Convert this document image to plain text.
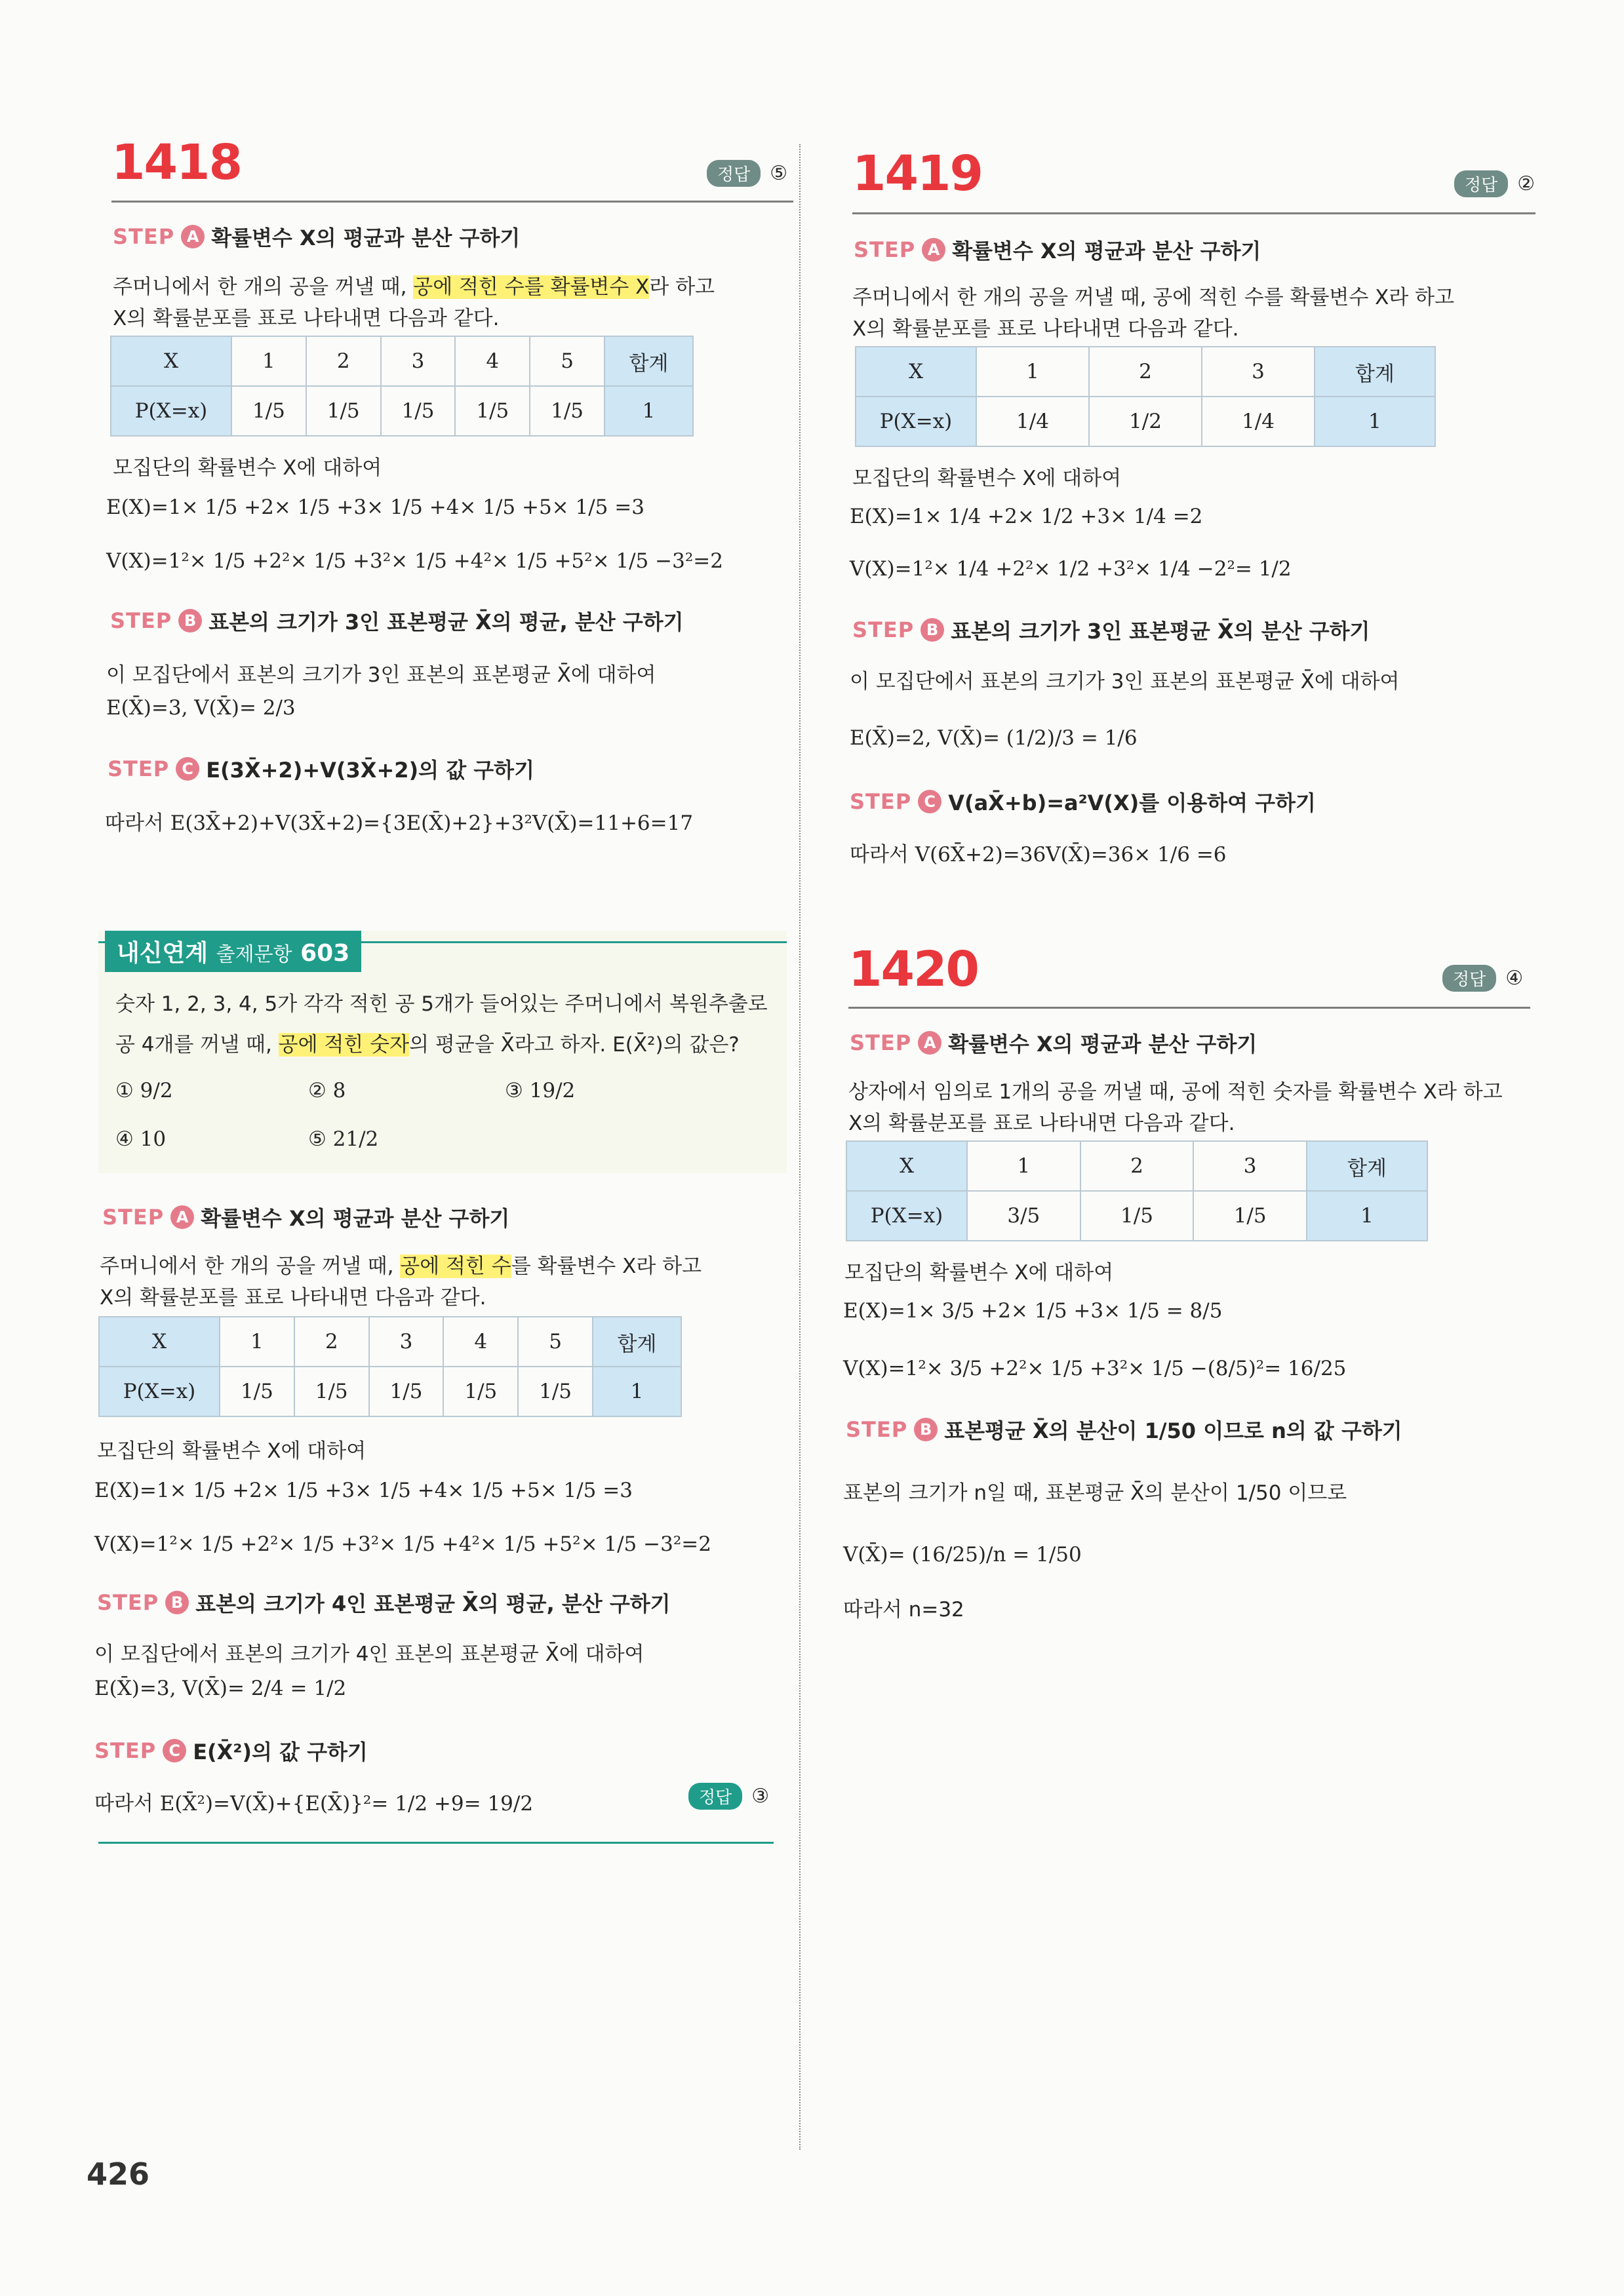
1418	정답	⑤
STEP A 확률변수 X의 평균과 분산 구하기
주머니에서 한 개의 공을 꺼낼 때, 공에 적힌 수를 확률변수 X라 하고
X의 확률분포를 표로 나타내면 다음과 같다.
X	1	2	3	4	5	합계
P(X=x)	1/5	1/5	1/5	1/5	1/5	1
모집단의 확률변수 X에 대하여
E(X)=1× 1/5 +2× 1/5 +3× 1/5 +4× 1/5 +5× 1/5 =3
V(X)=1²× 1/5 +2²× 1/5 +3²× 1/5 +4²× 1/5 +5²× 1/5 −3²=2
STEP B 표본의 크기가 3인 표본평균 X̄의 평균, 분산 구하기
이 모집단에서 표본의 크기가 3인 표본의 표본평균 X̄에 대하여
E(X̄)=3, V(X̄)= 2/3
STEP C E(3X̄+2)+V(3X̄+2)의 값 구하기
따라서 E(3X̄+2)+V(3X̄+2)={3E(X̄)+2}+3²V(X̄)=11+6=17
내신연계 출제문항 603
숫자 1, 2, 3, 4, 5가 각각 적힌 공 5개가 들어있는 주머니에서 복원추출로
공 4개를 꺼낼 때, 공에 적힌 숫자의 평균을 X̄라고 하자. E(X̄²)의 값은?
① 9/2	② 8	③ 19/2
④ 10	⑤ 21/2
STEP A 확률변수 X의 평균과 분산 구하기
주머니에서 한 개의 공을 꺼낼 때, 공에 적힌 수를 확률변수 X라 하고
X의 확률분포를 표로 나타내면 다음과 같다.
X	1	2	3	4	5	합계
P(X=x)	1/5	1/5	1/5	1/5	1/5	1
모집단의 확률변수 X에 대하여
E(X)=1× 1/5 +2× 1/5 +3× 1/5 +4× 1/5 +5× 1/5 =3
V(X)=1²× 1/5 +2²× 1/5 +3²× 1/5 +4²× 1/5 +5²× 1/5 −3²=2
STEP B 표본의 크기가 4인 표본평균 X̄의 평균, 분산 구하기
이 모집단에서 표본의 크기가 4인 표본의 표본평균 X̄에 대하여
E(X̄)=3, V(X̄)= 2/4 = 1/2
STEP C E(X̄²)의 값 구하기
따라서 E(X̄²)=V(X̄)+{E(X̄)}²= 1/2 +9= 19/2	정답	③
1419	정답	②
STEP A 확률변수 X의 평균과 분산 구하기
주머니에서 한 개의 공을 꺼낼 때, 공에 적힌 수를 확률변수 X라 하고
X의 확률분포를 표로 나타내면 다음과 같다.
X	1	2	3	합계
P(X=x)	1/4	1/2	1/4	1
모집단의 확률변수 X에 대하여
E(X)=1× 1/4 +2× 1/2 +3× 1/4 =2
V(X)=1²× 1/4 +2²× 1/2 +3²× 1/4 −2²= 1/2
STEP B 표본의 크기가 3인 표본평균 X̄의 분산 구하기
이 모집단에서 표본의 크기가 3인 표본의 표본평균 X̄에 대하여
E(X̄)=2, V(X̄)= (1/2)/3 = 1/6
STEP C V(aX̄+b)=a²V(X)를 이용하여 구하기
따라서 V(6X̄+2)=36V(X̄)=36× 1/6 =6
1420	정답	④
STEP A 확률변수 X의 평균과 분산 구하기
상자에서 임의로 1개의 공을 꺼낼 때, 공에 적힌 숫자를 확률변수 X라 하고
X의 확률분포를 표로 나타내면 다음과 같다.
X	1	2	3	합계
P(X=x)	3/5	1/5	1/5	1
모집단의 확률변수 X에 대하여
E(X)=1× 3/5 +2× 1/5 +3× 1/5 = 8/5
V(X)=1²× 3/5 +2²× 1/5 +3²× 1/5 −(8/5)²= 16/25
STEP B 표본평균 X̄의 분산이 1/50 이므로 n의 값 구하기
표본의 크기가 n일 때, 표본평균 X̄의 분산이 1/50 이므로
V(X̄)= (16/25)/n = 1/50
따라서 n=32
426
